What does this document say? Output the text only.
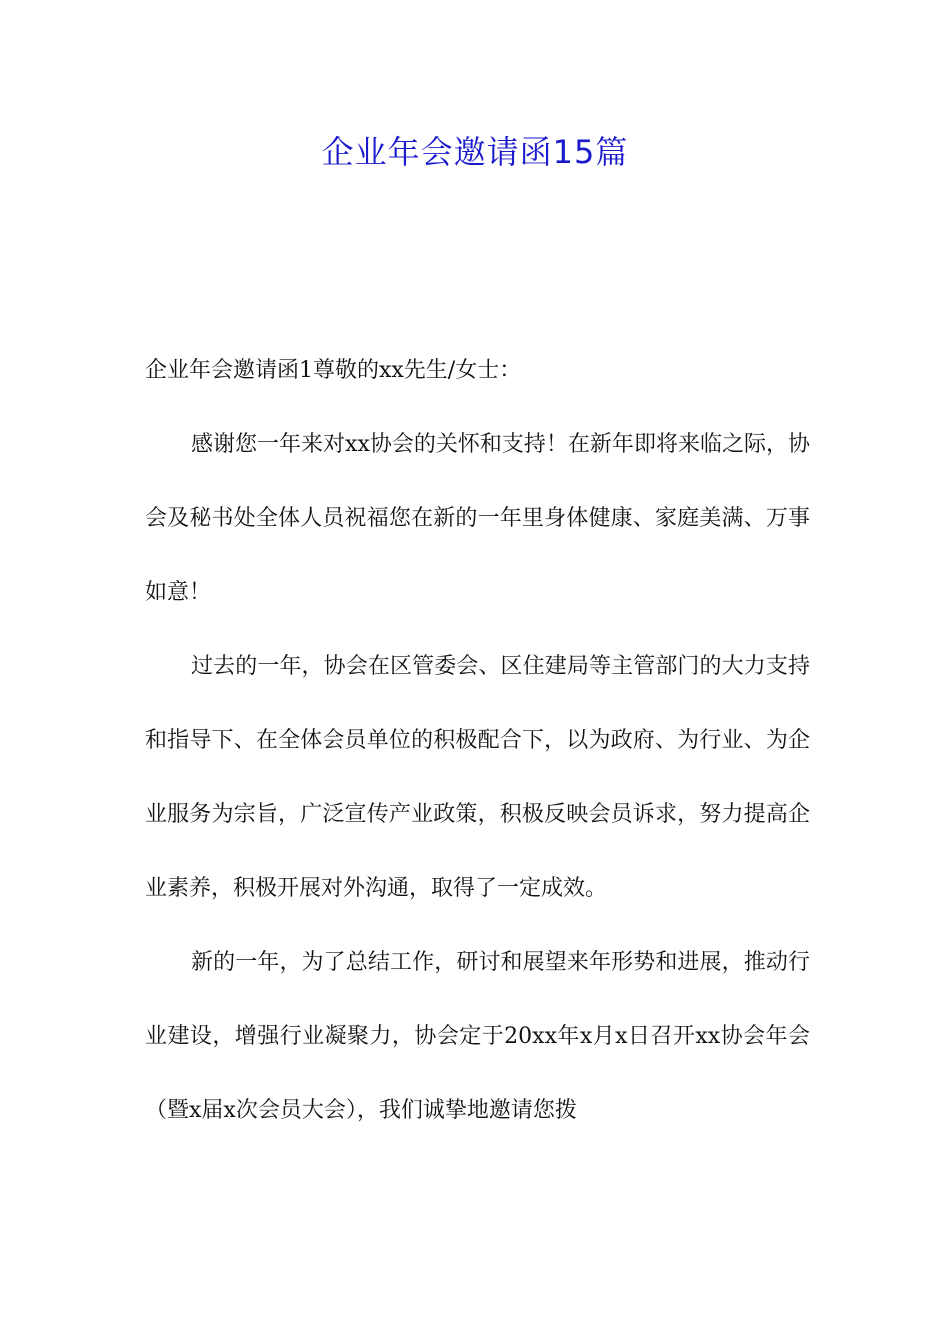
企业年会邀请函15篇

企业年会邀请函1尊敬的xx先生/女士：

感谢您一年来对xx协会的关怀和支持！在新年即将来临之际，协会及秘书处全体人员祝福您在新的一年里身体健康、家庭美满、万事如意！

过去的一年，协会在区管委会、区住建局等主管部门的大力支持和指导下、在全体会员单位的积极配合下，以为政府、为行业、为企业服务为宗旨，广泛宣传产业政策，积极反映会员诉求，努力提高企业素养，积极开展对外沟通，取得了一定成效。

新的一年，为了总结工作，研讨和展望来年形势和进展，推动行业建设，增强行业凝聚力，协会定于20xx年x月x日召开xx协会年会（暨x届x次会员大会），我们诚挚地邀请您拨
